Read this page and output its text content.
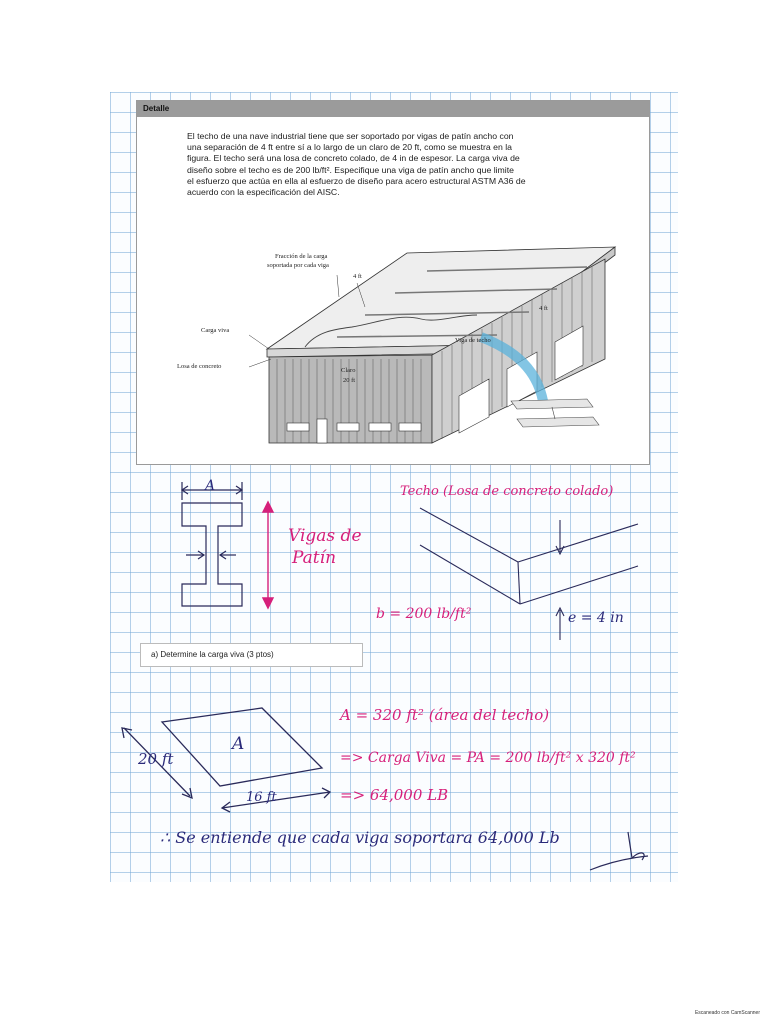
Detalle
El techo de una nave industrial tiene que ser soportado por vigas de patín ancho con
una separación de 4 ft entre sí a lo largo de un claro de 20 ft, como se muestra en la
figura. El techo será una losa de concreto colado, de 4 in de espesor. La carga viva de
diseño sobre el techo es de 200 lb/ft². Especifique una viga de patín ancho que limite
el esfuerzo que actúa en ella al esfuerzo de diseño para acero estructural ASTM A36 de
acuerdo con la especificación del AISC.
Fracción de la carga
soportada por cada viga
4 ft
4 ft
Carga viva
Losa de concreto
Claro
20 ft
Viga de techo
A
Vigas de
Patín
Techo (Losa de concreto colado)
b = 200 lb/ft²	e = 4 in
a) Determine la carga viva (3 ptos)
20 ft
16 ft
A
A = 320 ft² (área del techo)
=> Carga Viva = PA = 200 lb/ft² x 320 ft²
=> 64,000 LB
∴ Se entiende que cada viga soportara 64,000 Lb
Escaneado con CamScanner
